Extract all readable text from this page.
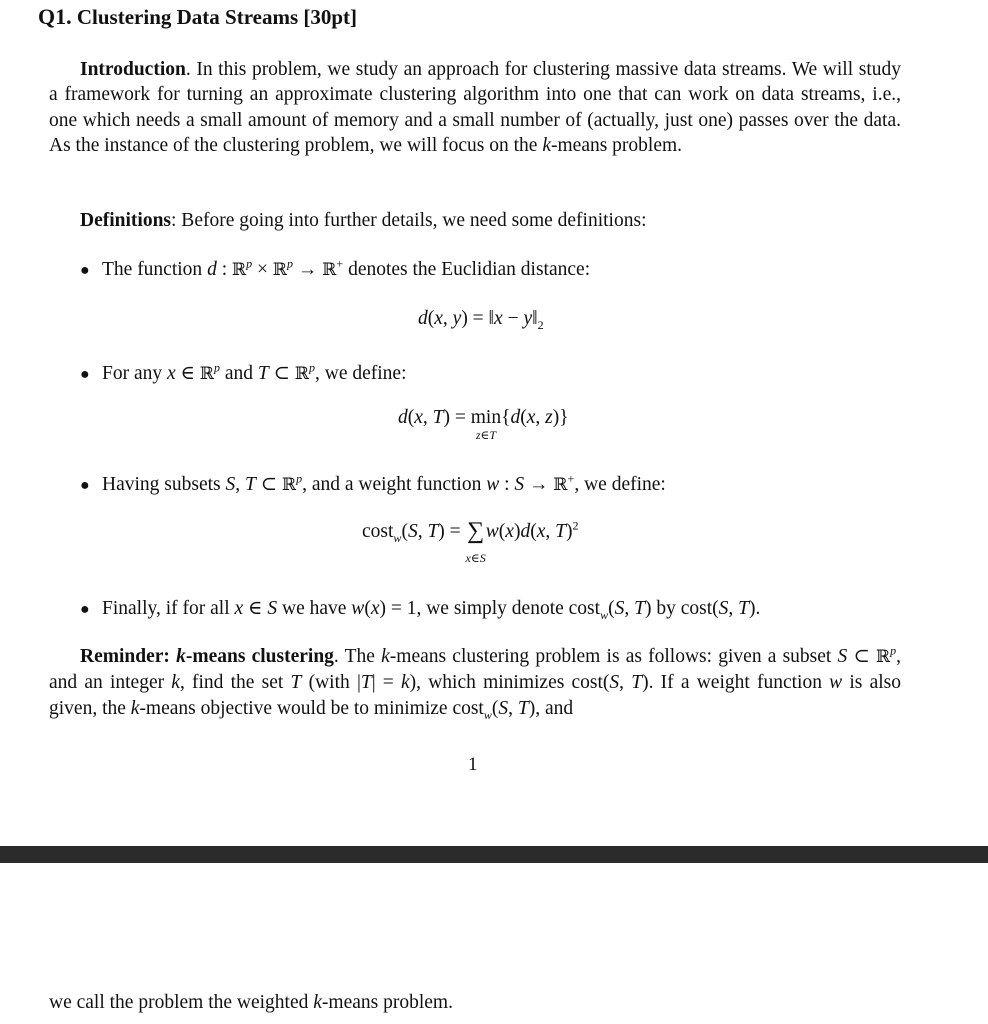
Q1. Clustering Data Streams [30pt]
Introduction. In this problem, we study an approach for clustering massive data streams. We will study a framework for turning an approximate clustering algorithm into one that can work on data streams, i.e., one which needs a small amount of memory and a small number of (actually, just one) passes over the data. As the instance of the clustering problem, we will focus on the k-means problem.
Definitions: Before going into further details, we need some definitions:
● The function d : ℝ$^p$ × ℝ$^p$ → ℝ+ denotes the Euclidian distance:
d(x, y) = ‖x − $y‖_2$
● For any x ∈ ℝ$^p$ and T ⊂ ℝ$^p$, we define:
d(x, T) = min
z∈T
{d(x, z)}
● Having subsets S, T ⊂ ℝ$^p$, and a weight function w : S → ℝ+, we define:
cost$_w$(S, T) = ∑
x∈S
w(x)d(x, T)$^2$
● Finally, if for all x ∈ S we have w(x) = 1, we simply denote cost$_w$(S, T) by cost(S, T).
Reminder: k-means clustering. The k-means clustering problem is as follows: given a subset S ⊂ ℝ$^p$, and an integer k, find the set T (with |T| = k), which minimizes cost(S, T). If a weight function w is also given, the k-means objective would be to minimize cost$_w$(S, T), and
1
we call the problem the weighted k-means problem.
